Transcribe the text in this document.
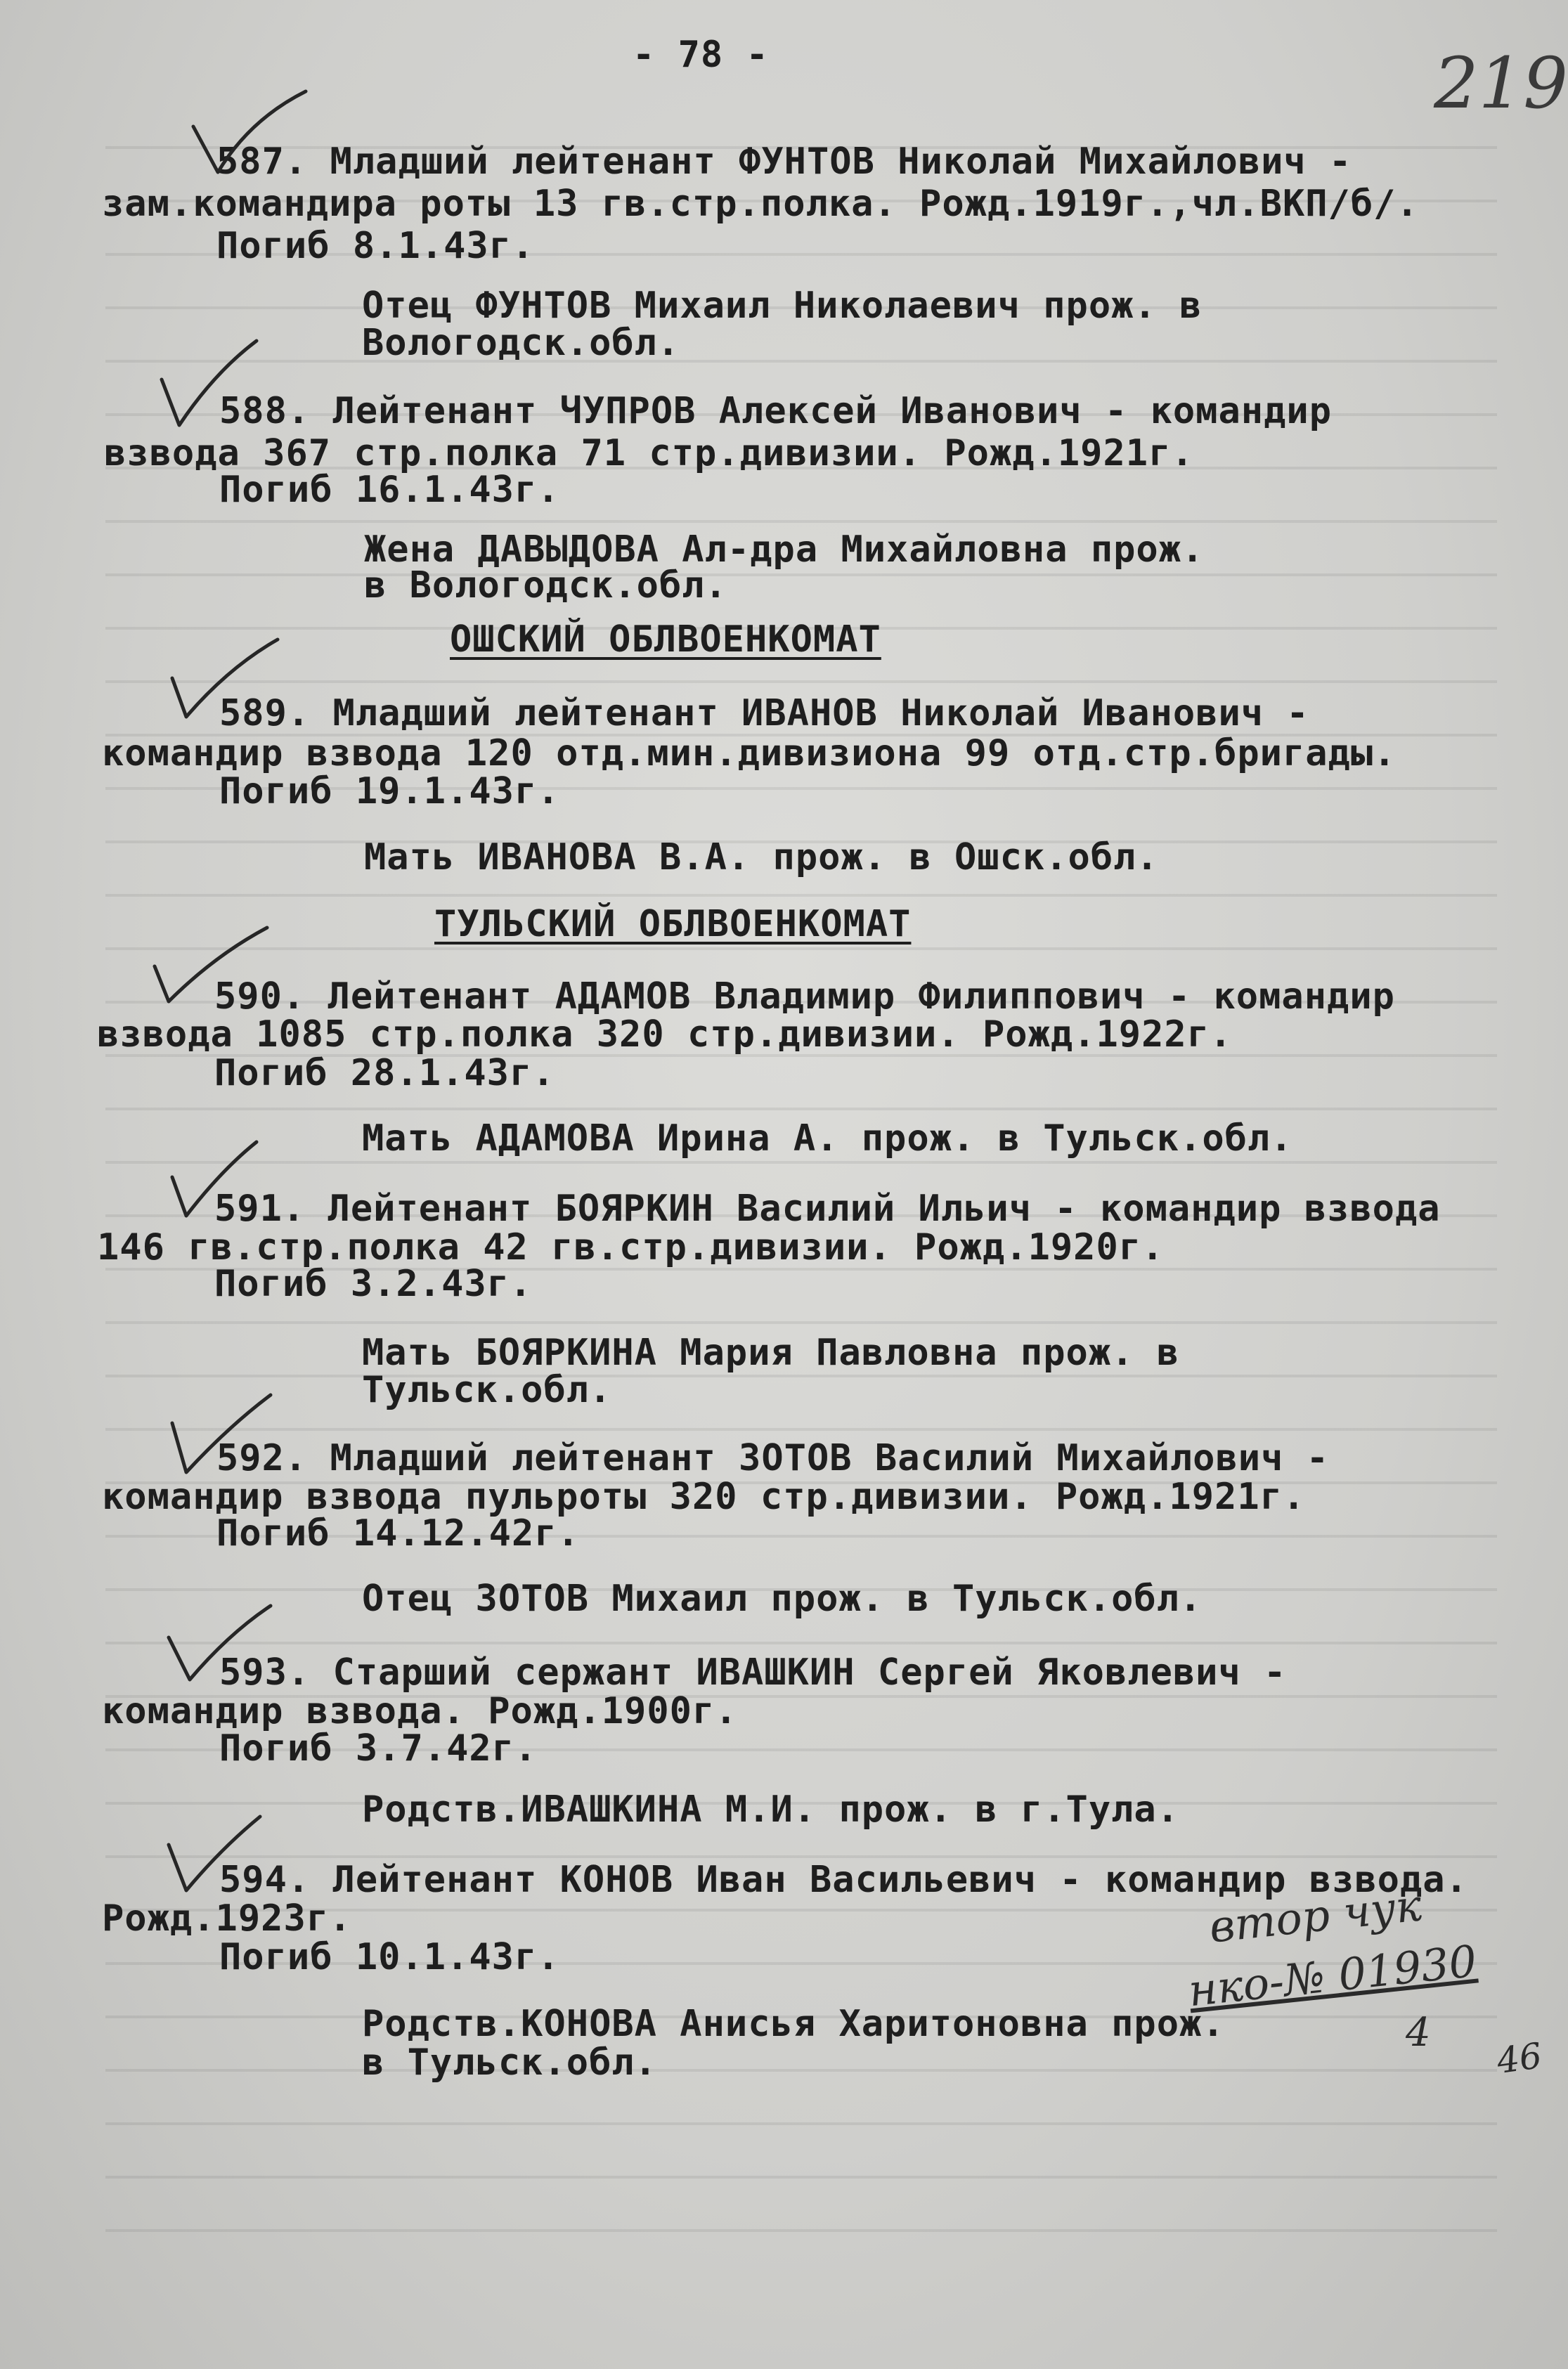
- 78 -	219
587. Младший лейтенант ФУНТОВ Николай Михайлович -
зам.командира роты 13 гв.стр.полка. Рожд.1919г.,чл.ВКП/б/.
Погиб 8.1.43г.
Отец ФУНТОВ Михаил Николаевич прож. в
Вологодск.обл.
588. Лейтенант ЧУПРОВ Алексей Иванович - командир
взвода 367 стр.полка 71 стр.дивизии. Рожд.1921г.
Погиб 16.1.43г.
Жена ДАВЫДОВА Ал-дра Михайловна прож.
в Вологодск.обл.
ОШСКИЙ ОБЛВОЕНКОМАТ
589. Младший лейтенант ИВАНОВ Николай Иванович -
командир взвода 120 отд.мин.дивизиона 99 отд.стр.бригады.
Погиб 19.1.43г.
Мать ИВАНОВА В.А. прож. в Ошск.обл.
ТУЛЬСКИЙ ОБЛВОЕНКОМАТ
590. Лейтенант АДАМОВ Владимир Филиппович - командир
взвода 1085 стр.полка 320 стр.дивизии. Рожд.1922г.
Погиб 28.1.43г.
Мать АДАМОВА Ирина А. прож. в Тульск.обл.
591. Лейтенант БОЯРКИН Василий Ильич - командир взвода
146 гв.стр.полка 42 гв.стр.дивизии. Рожд.1920г.
Погиб 3.2.43г.
Мать БОЯРКИНА Мария Павловна прож. в
Тульск.обл.
592. Младший лейтенант ЗОТОВ Василий Михайлович -
командир взвода пульроты 320 стр.дивизии. Рожд.1921г.
Погиб 14.12.42г.
Отец ЗОТОВ Михаил прож. в Тульск.обл.
593. Старший сержант ИВАШКИН Сергей Яковлевич -
командир взвода. Рожд.1900г.
Погиб 3.7.42г.
Родств.ИВАШКИНА М.И. прож. в г.Тула.
594. Лейтенант КОНОВ Иван Васильевич - командир взвода.
Рожд.1923г.
Погиб 10.1.43г.
Родств.КОНОВА Анисья Харитоновна прож.
в Тульск.обл.
втор чук
нко-№ 01930
4
46
